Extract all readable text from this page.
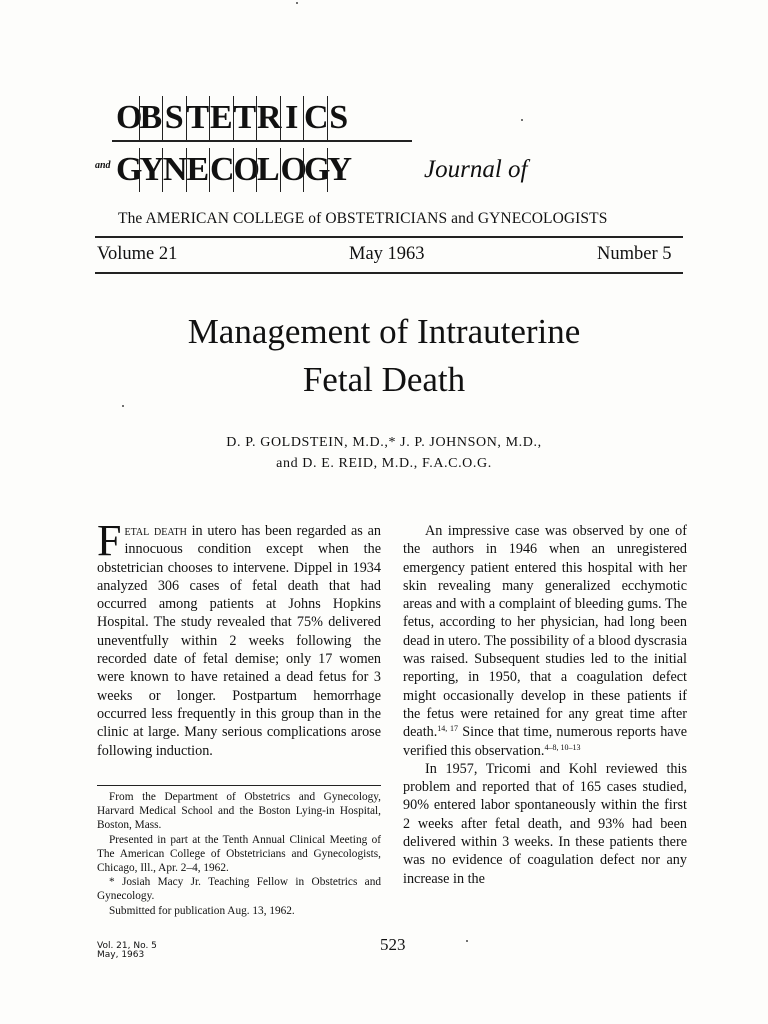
O
B S T E T R I C S
and G
Y
N
E C
O
L O
G
Y	Journal of
The AMERICAN COLLEGE of OBSTETRICIANS and GYNECOLOGISTS
Volume 21	May 1963	Number 5
Management of Intrauterine
Fetal Death
D. P. GOLDSTEIN, M.D.,* J. P. JOHNSON, M.D.,
and D. E. REID, M.D., F.A.C.O.G.

Fetal death in utero has been regarded as an innocuous condition except when the obstetrician chooses to intervene. Dippel in 1934 analyzed 306 cases of fetal death that had occurred among patients at Johns Hopkins Hospital. The study revealed that 75% delivered uneventfully within 2 weeks following the recorded date of fetal demise; only 17 women were known to have retained a dead fetus for 3 weeks or longer. Postpartum hemorrhage occurred less frequently in this group than in the clinic at large. Many serious complications arose following induction.

From the Department of Obstetrics and Gynecology, Harvard Medical School and the Boston Lying-in Hospital, Boston, Mass.

Presented in part at the Tenth Annual Clinical Meeting of The American College of Obstetricians and Gynecologists, Chicago, Ill., Apr. 2–4, 1962.

* Josiah Macy Jr. Teaching Fellow in Obstetrics and Gynecology.

Submitted for publication Aug. 13, 1962.

An impressive case was observed by one of the authors in 1946 when an unregistered emergency patient entered this hospital with her skin revealing many generalized ecchymotic areas and with a complaint of bleeding gums. The fetus, according to her physician, had long been dead in utero. The possibility of a blood dyscrasia was raised. Subsequent studies led to the initial reporting, in 1950, that a coagulation defect might occasionally develop in these patients if the fetus were retained for any great time after death.$^{14, 17}$ Since that time, numerous reports have verified this observation.$^{4-8, 10-13}$

In 1957, Tricomi and Kohl reviewed this problem and reported that of 165 cases studied, 90% entered labor spontaneously within the first 2 weeks after fetal death, and 93% had been delivered within 3 weeks. In these patients there was no evidence of coagulation defect nor any increase in the

Vol. 21, No. 5
May, 1963
523
